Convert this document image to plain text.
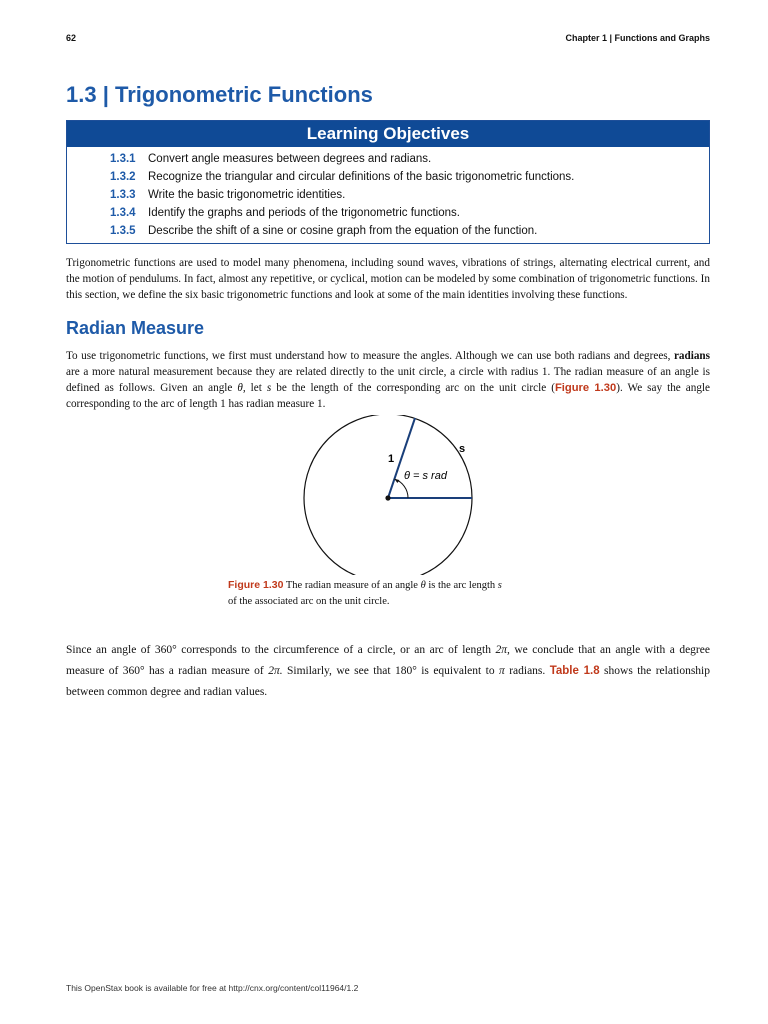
62	Chapter 1 | Functions and Graphs
1.3 | Trigonometric Functions
Learning Objectives
1.3.1 Convert angle measures between degrees and radians.
1.3.2 Recognize the triangular and circular definitions of the basic trigonometric functions.
1.3.3 Write the basic trigonometric identities.
1.3.4 Identify the graphs and periods of the trigonometric functions.
1.3.5 Describe the shift of a sine or cosine graph from the equation of the function.

Trigonometric functions are used to model many phenomena, including sound waves, vibrations of strings, alternating electrical current, and the motion of pendulums. In fact, almost any repetitive, or cyclical, motion can be modeled by some combination of trigonometric functions. In this section, we define the six basic trigonometric functions and look at some of the main identities involving these functions.

Radian Measure

To use trigonometric functions, we first must understand how to measure the angles. Although we can use both radians and degrees, radians are a more natural measurement because they are related directly to the unit circle, a circle with radius 1. The radian measure of an angle is defined as follows. Given an angle θ, let s be the length of the corresponding arc on the unit circle (Figure 1.30). We say the angle corresponding to the arc of length 1 has radian measure 1.

1
s
θ = s rad

Figure 1.30 The radian measure of an angle θ is the arc length s of the associated arc on the unit circle.

Since an angle of 360° corresponds to the circumference of a circle, or an arc of length 2π, we conclude that an angle with a degree measure of 360° has a radian measure of 2π. Similarly, we see that 180° is equivalent to π radians. Table 1.8 shows the relationship between common degree and radian values.

This OpenStax book is available for free at http://cnx.org/content/col11964/1.2
